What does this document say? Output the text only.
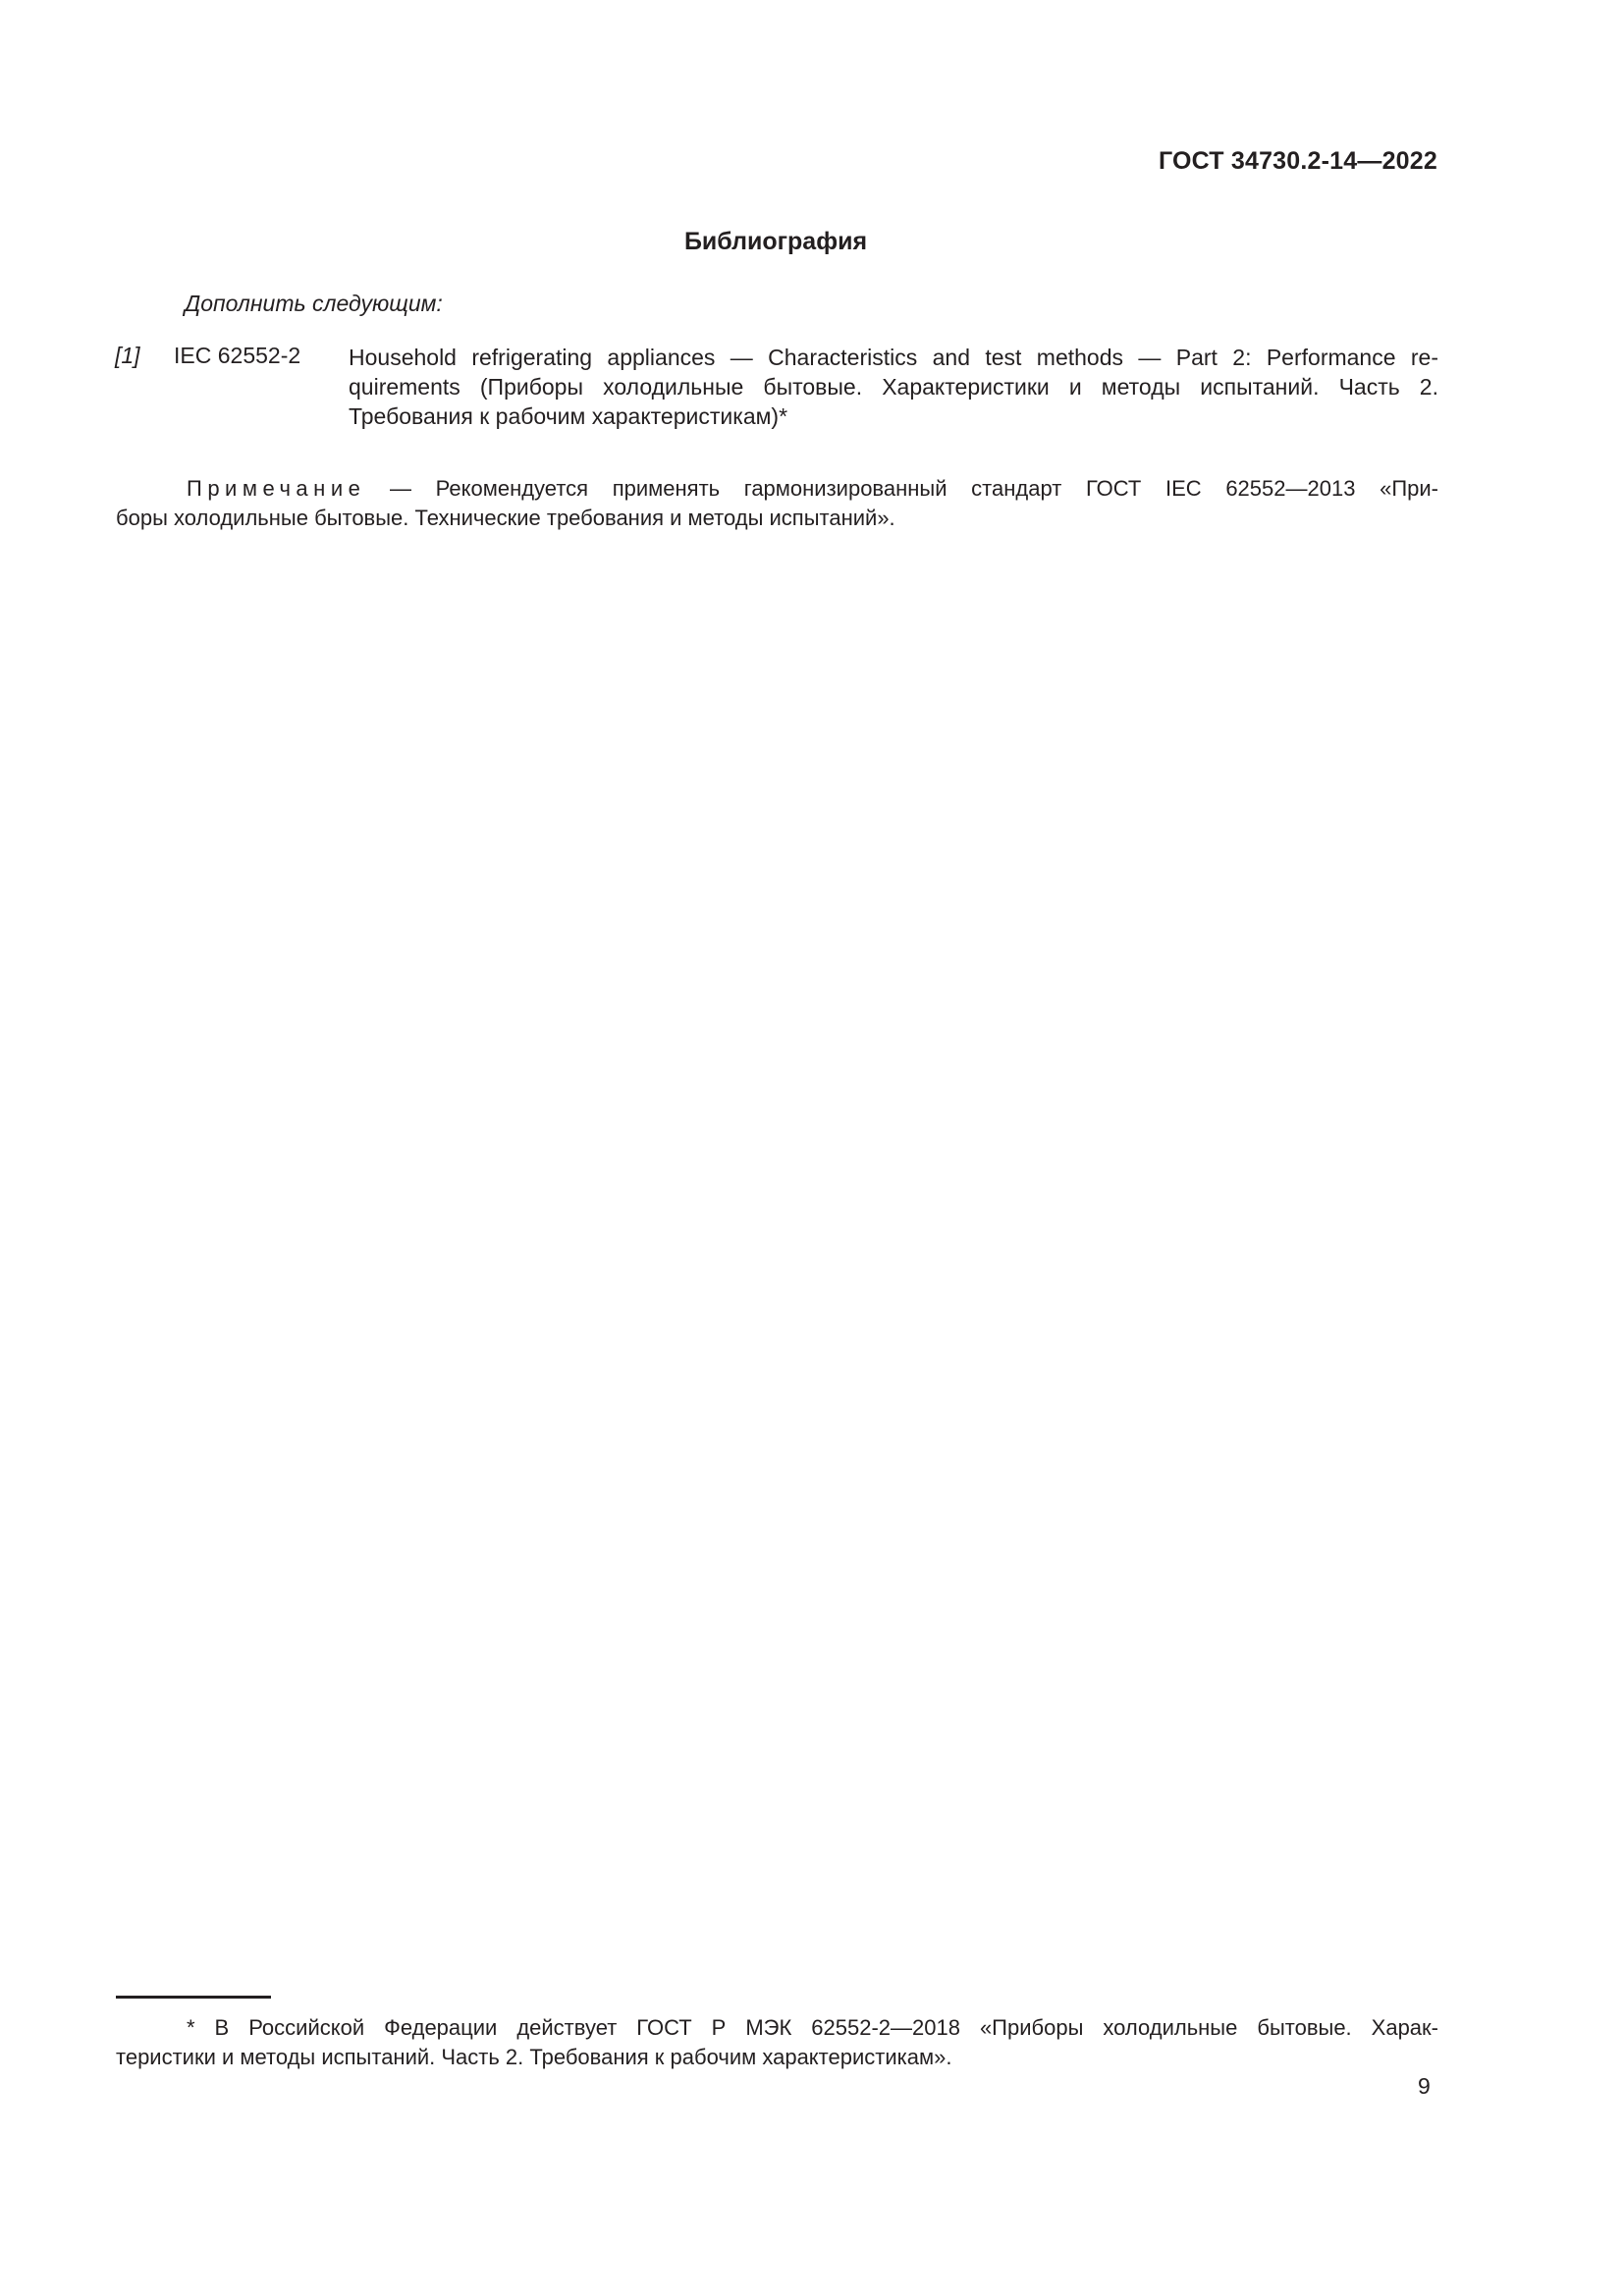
ГОСТ 34730.2-14—2022
Библиография
Дополнить следующим:
[1] IEC 62552-2 Household refrigerating appliances — Characteristics and test methods — Part 2: Performance re-
quirements (Приборы холодильные бытовые. Характеристики и методы испытаний. Часть 2.
Требования к рабочим характеристикам)*
Примечание — Рекомендуется применять гармонизированный стандарт ГОСТ IEC 62552—2013 «При-
боры холодильные бытовые. Технические требования и методы испытаний».
* В Российской Федерации действует ГОСТ Р МЭК 62552-2—2018 «Приборы холодильные бытовые. Харак-
теристики и методы испытаний. Часть 2. Требования к рабочим характеристикам».
9
